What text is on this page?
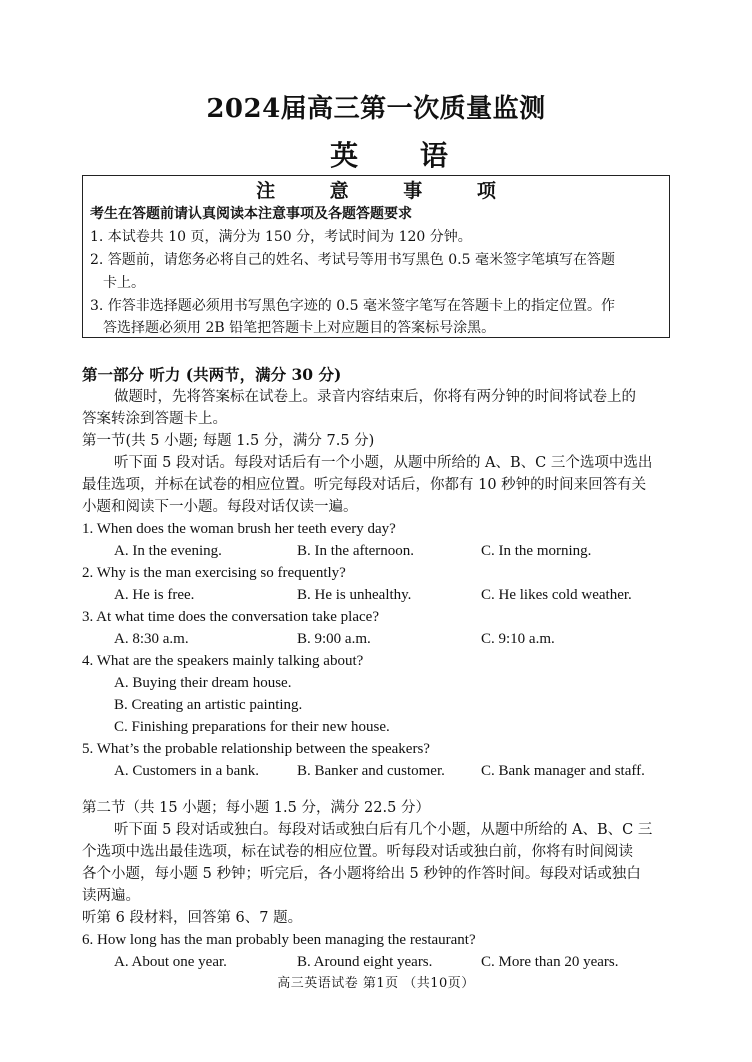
2024届高三第一次质量监测
英 语
注 意 事 项
考生在答题前请认真阅读本注意事项及各题答题要求
1. 本试卷共 10 页，满分为 150 分，考试时间为 120 分钟。
2. 答题前，请您务必将自己的姓名、考试号等用书写黑色 0.5 毫米签字笔填写在答题
卡上。
3. 作答非选择题必须用书写黑色字迹的 0.5 毫米签字笔写在答题卡上的指定位置。作
答选择题必须用 2B 铅笔把答题卡上对应题目的答案标号涂黑。
第一部分 听力 (共两节，满分 30 分)
做题时，先将答案标在试卷上。录音内容结束后，你将有两分钟的时间将试卷上的
答案转涂到答题卡上。
第一节(共 5 小题; 每题 1.5 分，满分 7.5 分)
听下面 5 段对话。每段对话后有一个小题，从题中所给的 A、B、C 三个选项中选出
最佳选项，并标在试卷的相应位置。听完每段对话后，你都有 10 秒钟的时间来回答有关
小题和阅读下一小题。每段对话仅读一遍。
1. When does the woman brush her teeth every day?
A. In the evening.	B. In the afternoon.	C. In the morning.
2. Why is the man exercising so frequently?
A. He is free.	B. He is unhealthy.	C. He likes cold weather.
3. At what time does the conversation take place?
A. 8:30 a.m.	B. 9:00 a.m.	C. 9:10 a.m.
4. What are the speakers mainly talking about?
A. Buying their dream house.
B. Creating an artistic painting.
C. Finishing preparations for their new house.
5. What’s the probable relationship between the speakers?
A. Customers in a bank.	B. Banker and customer. C. Bank manager and staff.
第二节（共 15 小题；每小题 1.5 分，满分 22.5 分）
听下面 5 段对话或独白。每段对话或独白后有几个小题，从题中所给的 A、B、C 三
个选项中选出最佳选项，标在试卷的相应位置。听每段对话或独白前，你将有时间阅读
各个小题，每小题 5 秒钟；听完后，各小题将给出 5 秒钟的作答时间。每段对话或独白
读两遍。
听第 6 段材料，回答第 6、7 题。
6. How long has the man probably been managing the restaurant?
A. About one year.	B. Around eight years.	C. More than 20 years.
高三英语试卷 第1页 （共10页）
